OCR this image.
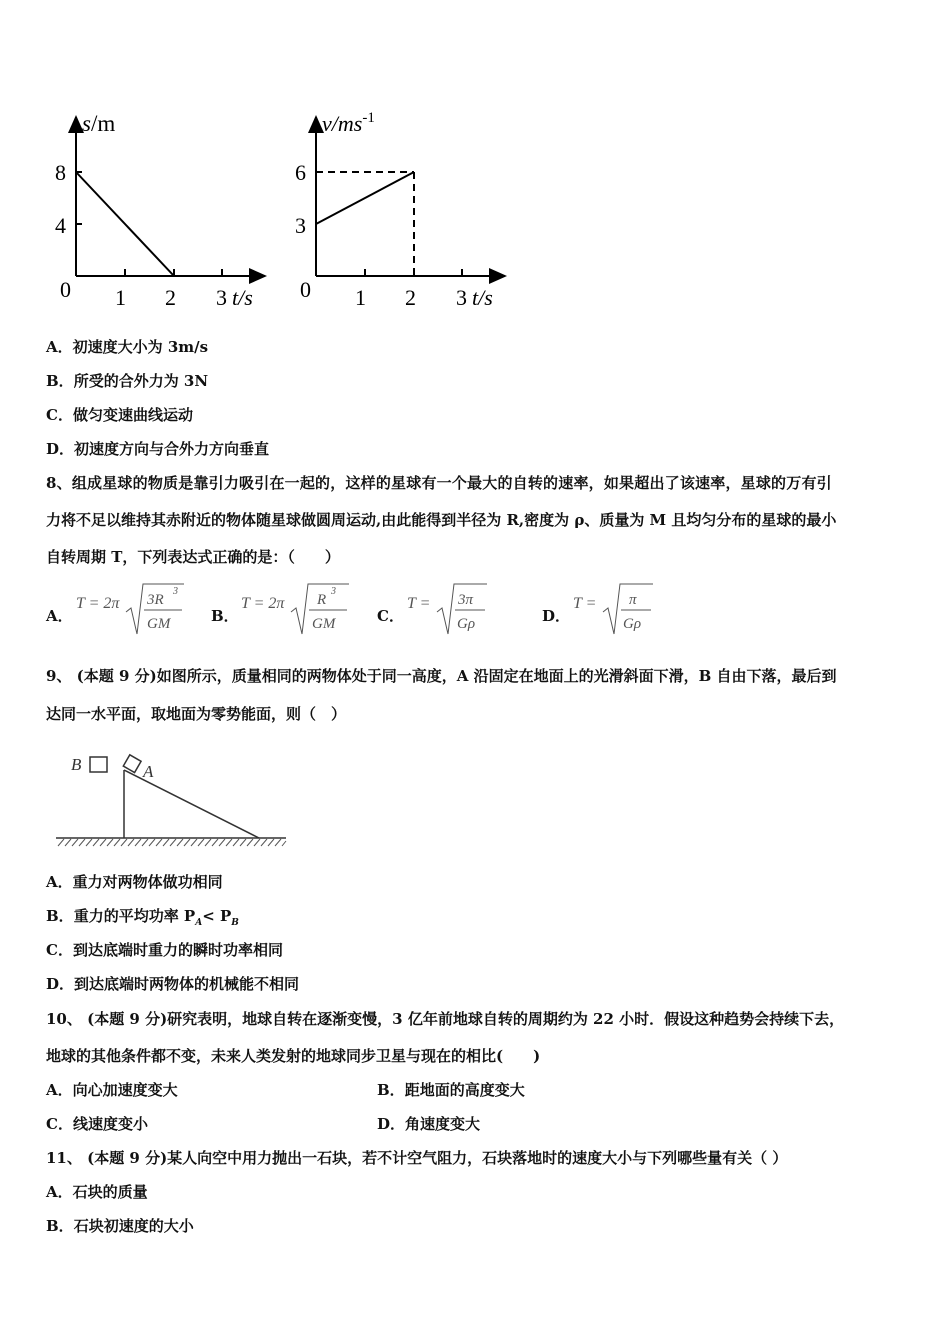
s/m
8
4
0 1 2 3 t/s
$v/ms^{-1}$
6
3
0 1 2 3 t/s
A．初速度大小为 3m/s
B．所受的合外力为 3N
C．做匀变速曲线运动
D．初速度方向与合外力方向垂直
8、组成星球的物质是靠引力吸引在一起的，这样的星球有一个最大的自转的速率，如果超出了该速率，星球的万有引
力将不足以维持其赤附近的物体随星球做圆周运动,由此能得到半径为 R,密度为 ρ、质量为 M 且均匀分布的星球的最小
自转周期 T，下列表达式正确的是：（　　）
A．
T = 2π 3R
3
GM	B．
T = 2π R
3
GM	C．
T = 3π
Gρ	D．
T = π
Gρ
9、 (本题 9 分)如图所示，质量相同的两物体处于同一高度，A 沿固定在地面上的光滑斜面下滑，B 自由下落，最后到
达同一水平面，取地面为零势能面，则（　）
B	A
A．重力对两物体做功相同
B．重力的平均功率 $P_A< P_B$
C．到达底端时重力的瞬时功率相同
D．到达底端时两物体的机械能不相同
10、 (本题 9 分)研究表明，地球自转在逐渐变慢，3 亿年前地球自转的周期约为 22 小时．假设这种趋势会持续下去，
地球的其他条件都不变，未来人类发射的地球同步卫星与现在的相比(　　)
A．向心加速度变大	B．距地面的高度变大
C．线速度变小	D．角速度变大
11、 (本题 9 分)某人向空中用力抛出一石块，若不计空气阻力，石块落地时的速度大小与下列哪些量有关（ ）
A．石块的质量
B．石块初速度的大小
